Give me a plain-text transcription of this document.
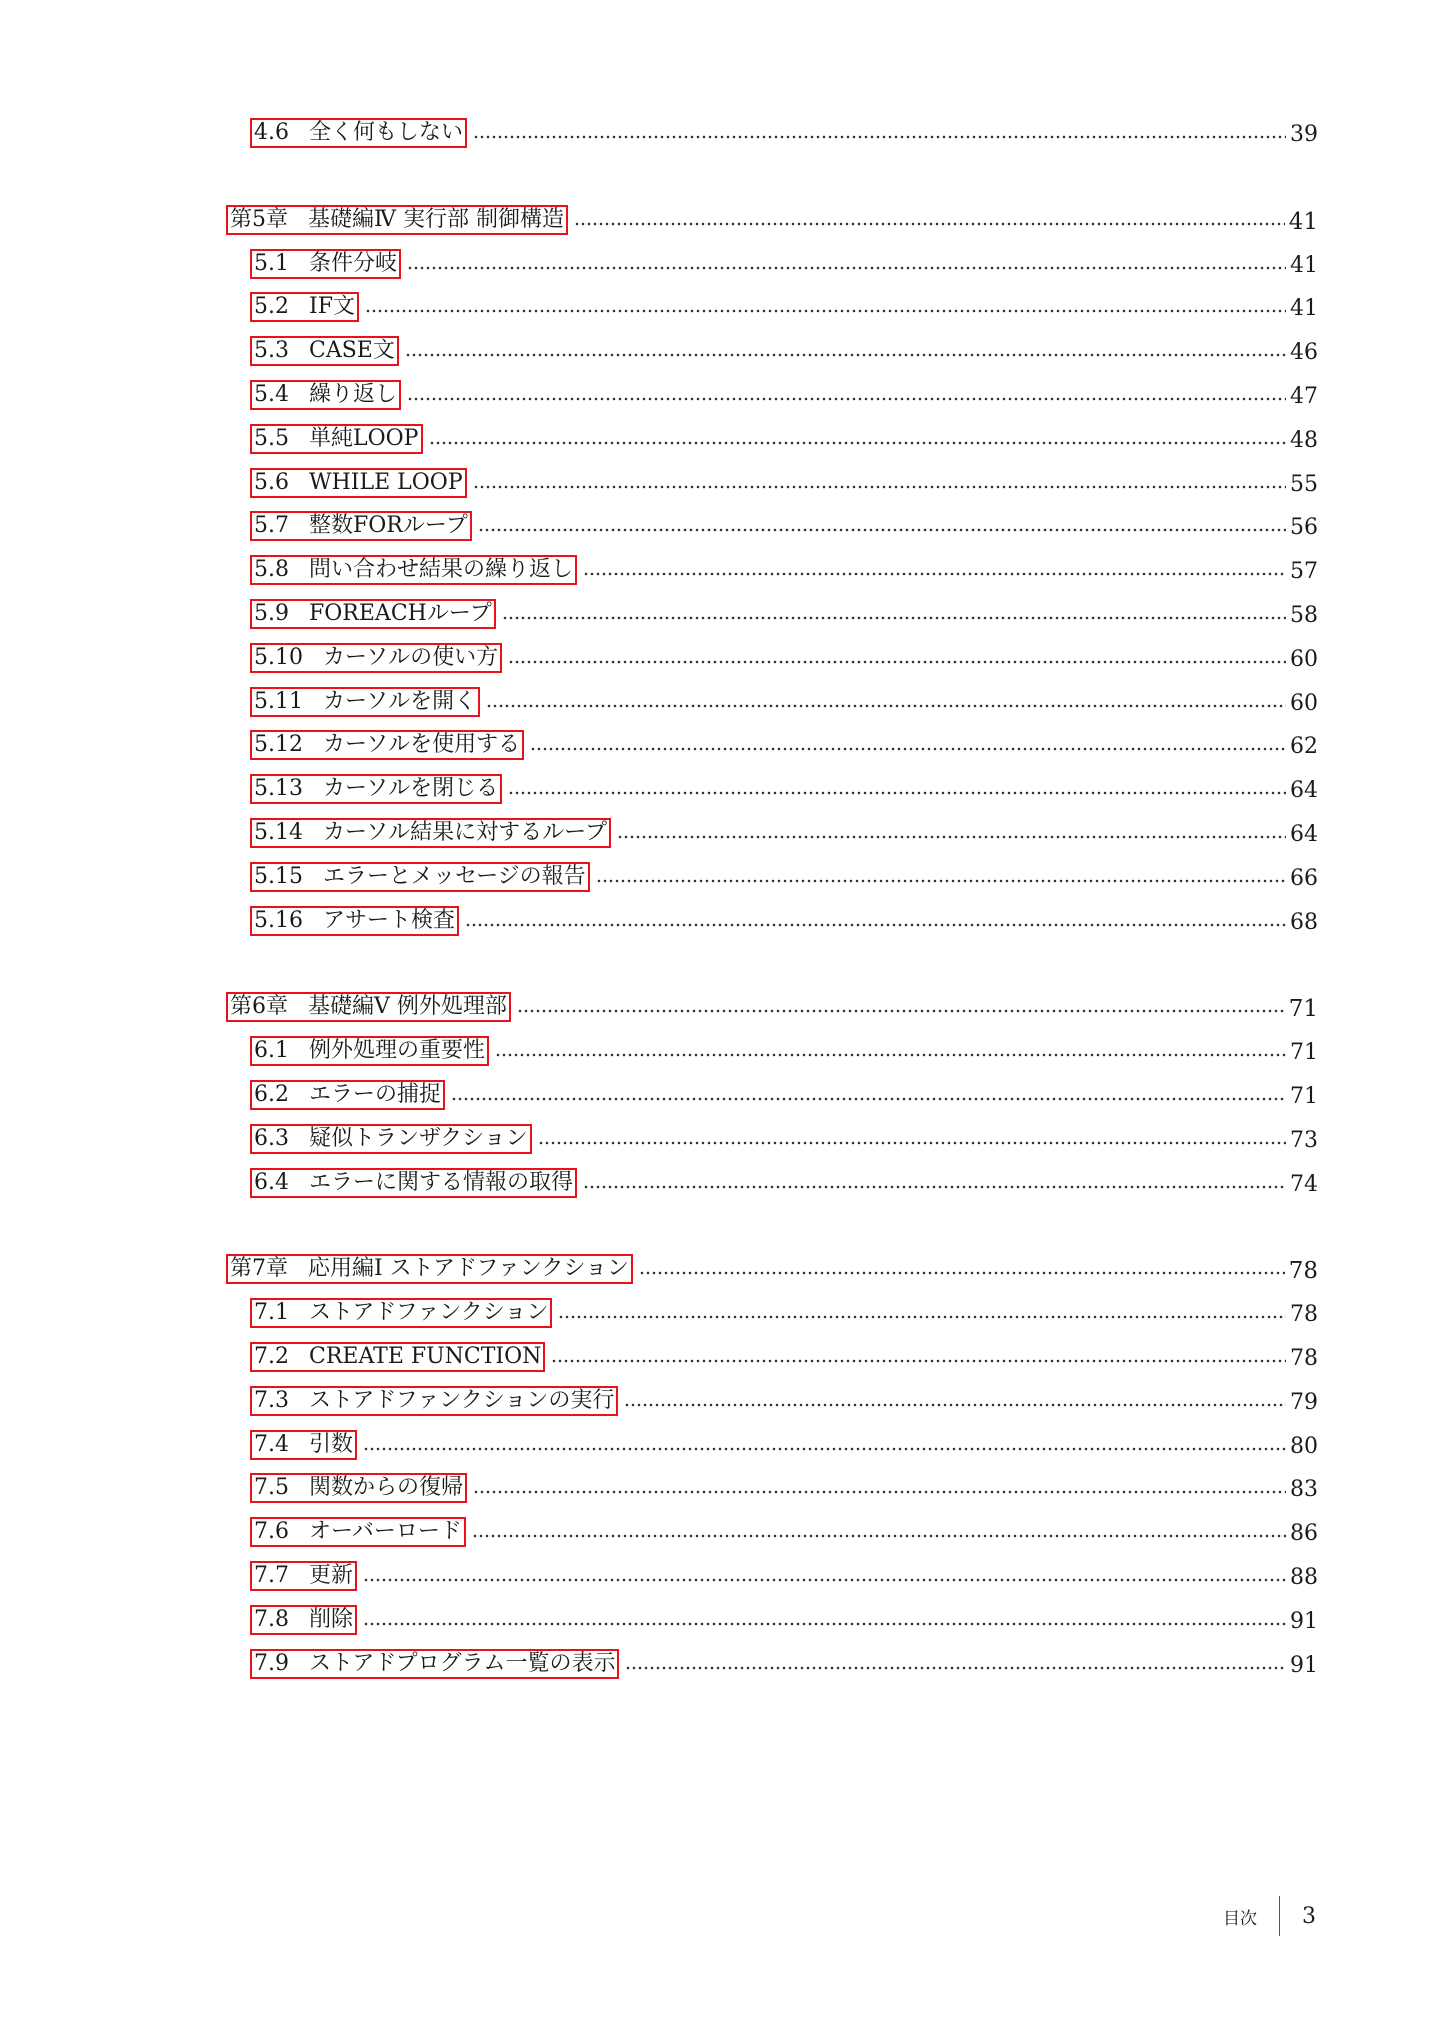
4.6 全く何もしない	39
第5章 基礎編Ⅳ 実行部 制御構造	41
5.1 条件分岐	41
5.2 IF文	41
5.3 CASE文	46
5.4 繰り返し	47
5.5 単純LOOP	48
5.6 WHILE LOOP	55
5.7 整数FORループ	56
5.8 問い合わせ結果の繰り返し	57
5.9 FOREACHループ	58
5.10 カーソルの使い方	60
5.11 カーソルを開く	60
5.12 カーソルを使用する	62
5.13 カーソルを閉じる	64
5.14 カーソル結果に対するループ	64
5.15 エラーとメッセージの報告	66
5.16 アサート検査	68
第6章 基礎編Ⅴ 例外処理部	71
6.1 例外処理の重要性	71
6.2 エラーの捕捉	71
6.3 疑似トランザクション	73
6.4 エラーに関する情報の取得	74
第7章 応用編Ⅰ ストアドファンクション	78
7.1 ストアドファンクション	78
7.2 CREATE FUNCTION	78
7.3 ストアドファンクションの実行	79
7.4 引数	80
7.5 関数からの復帰	83
7.6 オーバーロード	86
7.7 更新	88
7.8 削除	91
7.9 ストアドプログラム一覧の表示	91
目次 3
